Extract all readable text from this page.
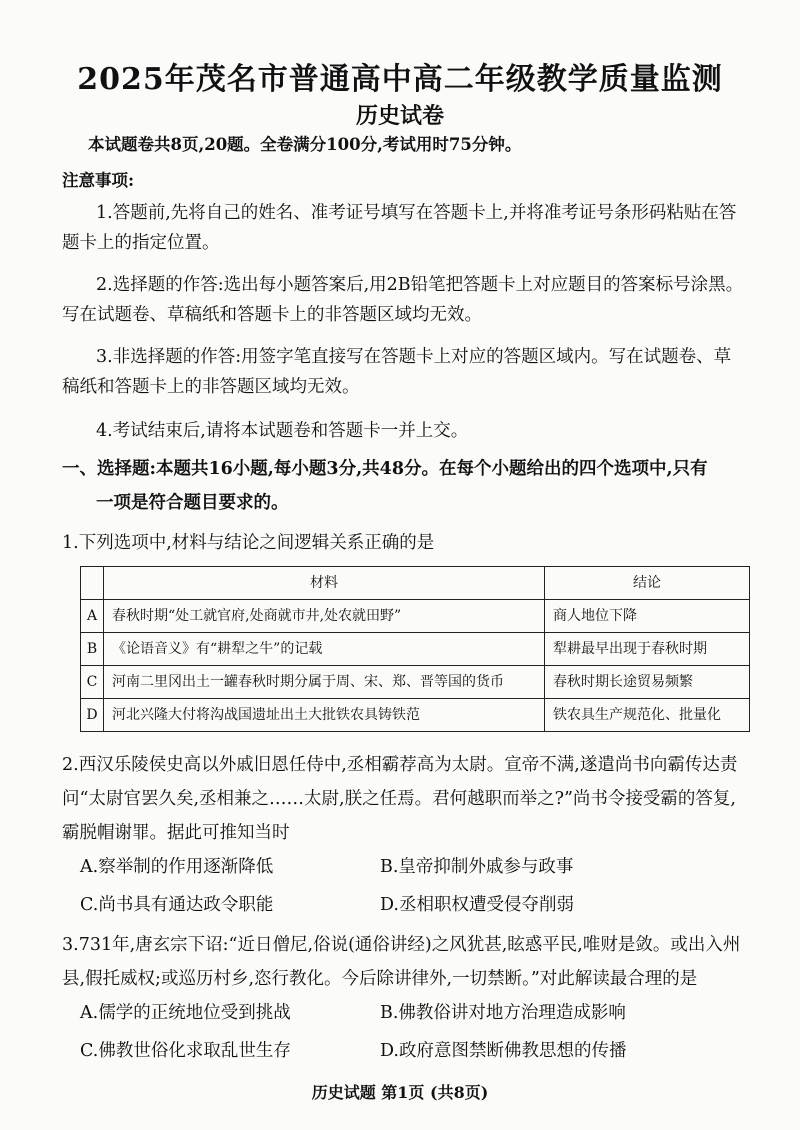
2025年茂名市普通高中高二年级教学质量监测
历史试卷
本试题卷共8页,20题。全卷满分100分,考试用时75分钟。
注意事项:
1.答题前,先将自己的姓名、准考证号填写在答题卡上,并将准考证号条形码粘贴在答题卡上的指定位置。
2.选择题的作答:选出每小题答案后,用2B铅笔把答题卡上对应题目的答案标号涂黑。写在试题卷、草稿纸和答题卡上的非答题区域均无效。
3.非选择题的作答:用签字笔直接写在答题卡上对应的答题区域内。写在试题卷、草稿纸和答题卡上的非答题区域均无效。
4.考试结束后,请将本试题卷和答题卡一并上交。
一、选择题:本题共16小题,每小题3分,共48分。在每个小题给出的四个选项中,只有
一项是符合题目要求的。
1.下列选项中,材料与结论之间逻辑关系正确的是
	材料	结论
A	春秋时期“处工就官府,处商就市井,处农就田野”	商人地位下降
B	《论语音义》有“耕犁之牛”的记载	犁耕最早出现于春秋时期
C	河南二里冈出土一罐春秋时期分属于周、宋、郑、晋等国的货币	春秋时期长途贸易频繁
D	河北兴隆大付将沟战国遗址出土大批铁农具铸铁范	铁农具生产规范化、批量化
2.西汉乐陵侯史高以外戚旧恩任侍中,丞相霸荐高为太尉。宣帝不满,遂遣尚书向霸传达责问“太尉官罢久矣,丞相兼之……太尉,朕之任焉。君何越职而举之?”尚书令接受霸的答复,霸脱帽谢罪。据此可推知当时
A.察举制的作用逐渐降低	B.皇帝抑制外戚参与政事
C.尚书具有通达政令职能	D.丞相职权遭受侵夺削弱
3.731年,唐玄宗下诏:“近日僧尼,俗说(通俗讲经)之风犹甚,眩惑平民,唯财是敛。或出入州县,假托威权;或巡历村乡,恣行教化。今后除讲律外,一切禁断。”对此解读最合理的是
A.儒学的正统地位受到挑战	B.佛教俗讲对地方治理造成影响
C.佛教世俗化求取乱世生存	D.政府意图禁断佛教思想的传播
历史试题 第1页 (共8页)
